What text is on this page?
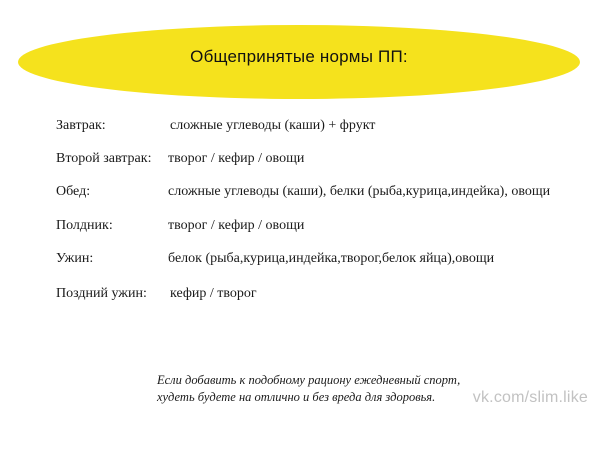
Общепринятые нормы ПП:
Завтрак:	сложные углеводы (каши) + фрукт
Второй завтрак: творог / кефир / овощи
Обед:	сложные углеводы (каши), белки (рыба,курица,индейка), овощи
Полдник:	творог / кефир / овощи
Ужин:	белок (рыба,курица,индейка,творог,белок яйца),овощи
Поздний ужин: кефир / творог
Если добавить к подобному рациону ежедневный спорт,
худеть будете на отлично и без вреда для здоровья.	vk.com/slim.like
